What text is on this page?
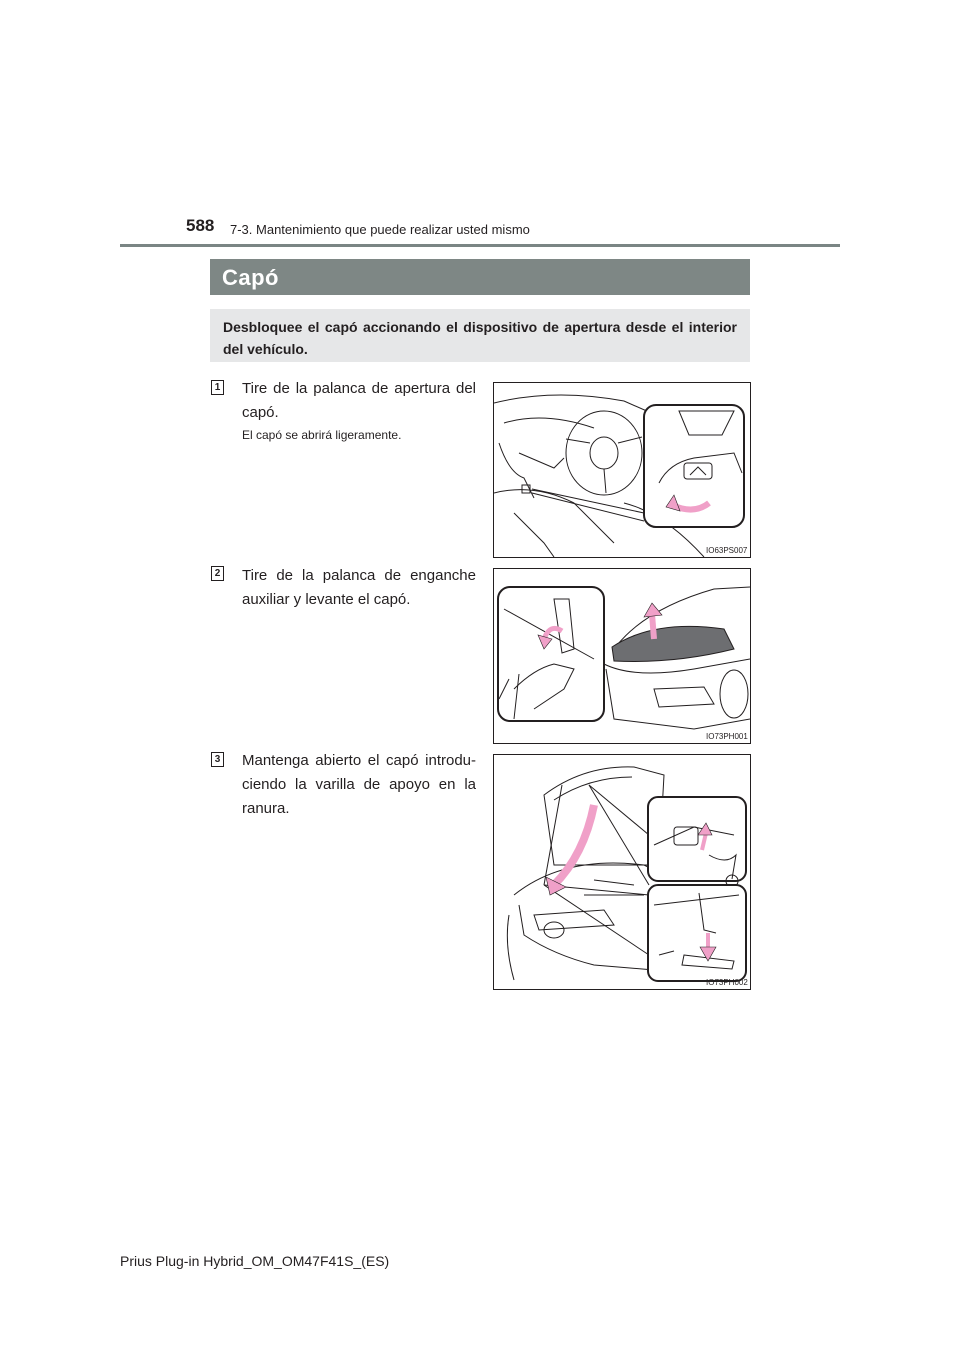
588 7-3. Mantenimiento que puede realizar usted mismo
Capó
Desbloquee el capó accionando el dispositivo de apertura desde el interior del vehículo.
1 Tire de la palanca de apertura del capó.
El capó se abrirá ligeramente.
IO63PS007
2 Tire de la palanca de enganche auxiliar y levante el capó.
IO73PH001
3 Mantenga abierto el capó introdu-ciendo la varilla de apoyo en la ranura.
IO73PH002
Prius Plug-in Hybrid_OM_OM47F41S_(ES)
